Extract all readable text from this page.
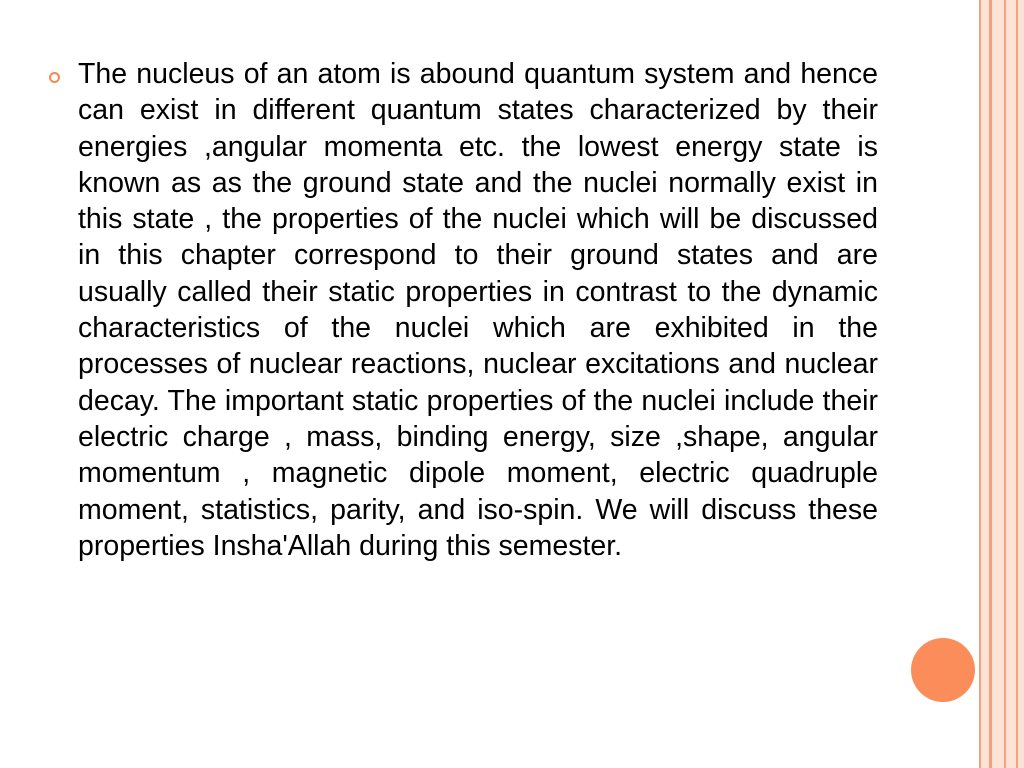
The nucleus of an atom is abound quantum system and hence can exist in different quantum states characterized by their energies ,angular momenta etc. the lowest energy state is known as as the ground state and the nuclei normally exist in this state , the properties of the nuclei which will be discussed in this chapter correspond to their ground states and are usually called their static properties in contrast to the dynamic characteristics of the nuclei which are exhibited in the processes of nuclear reactions, nuclear excitations and nuclear decay. The important static properties of the nuclei include their electric charge , mass, binding energy, size ,shape, angular momentum , magnetic dipole moment, electric quadruple moment, statistics, parity, and iso-spin. We will discuss these properties Insha'Allah during this semester.
